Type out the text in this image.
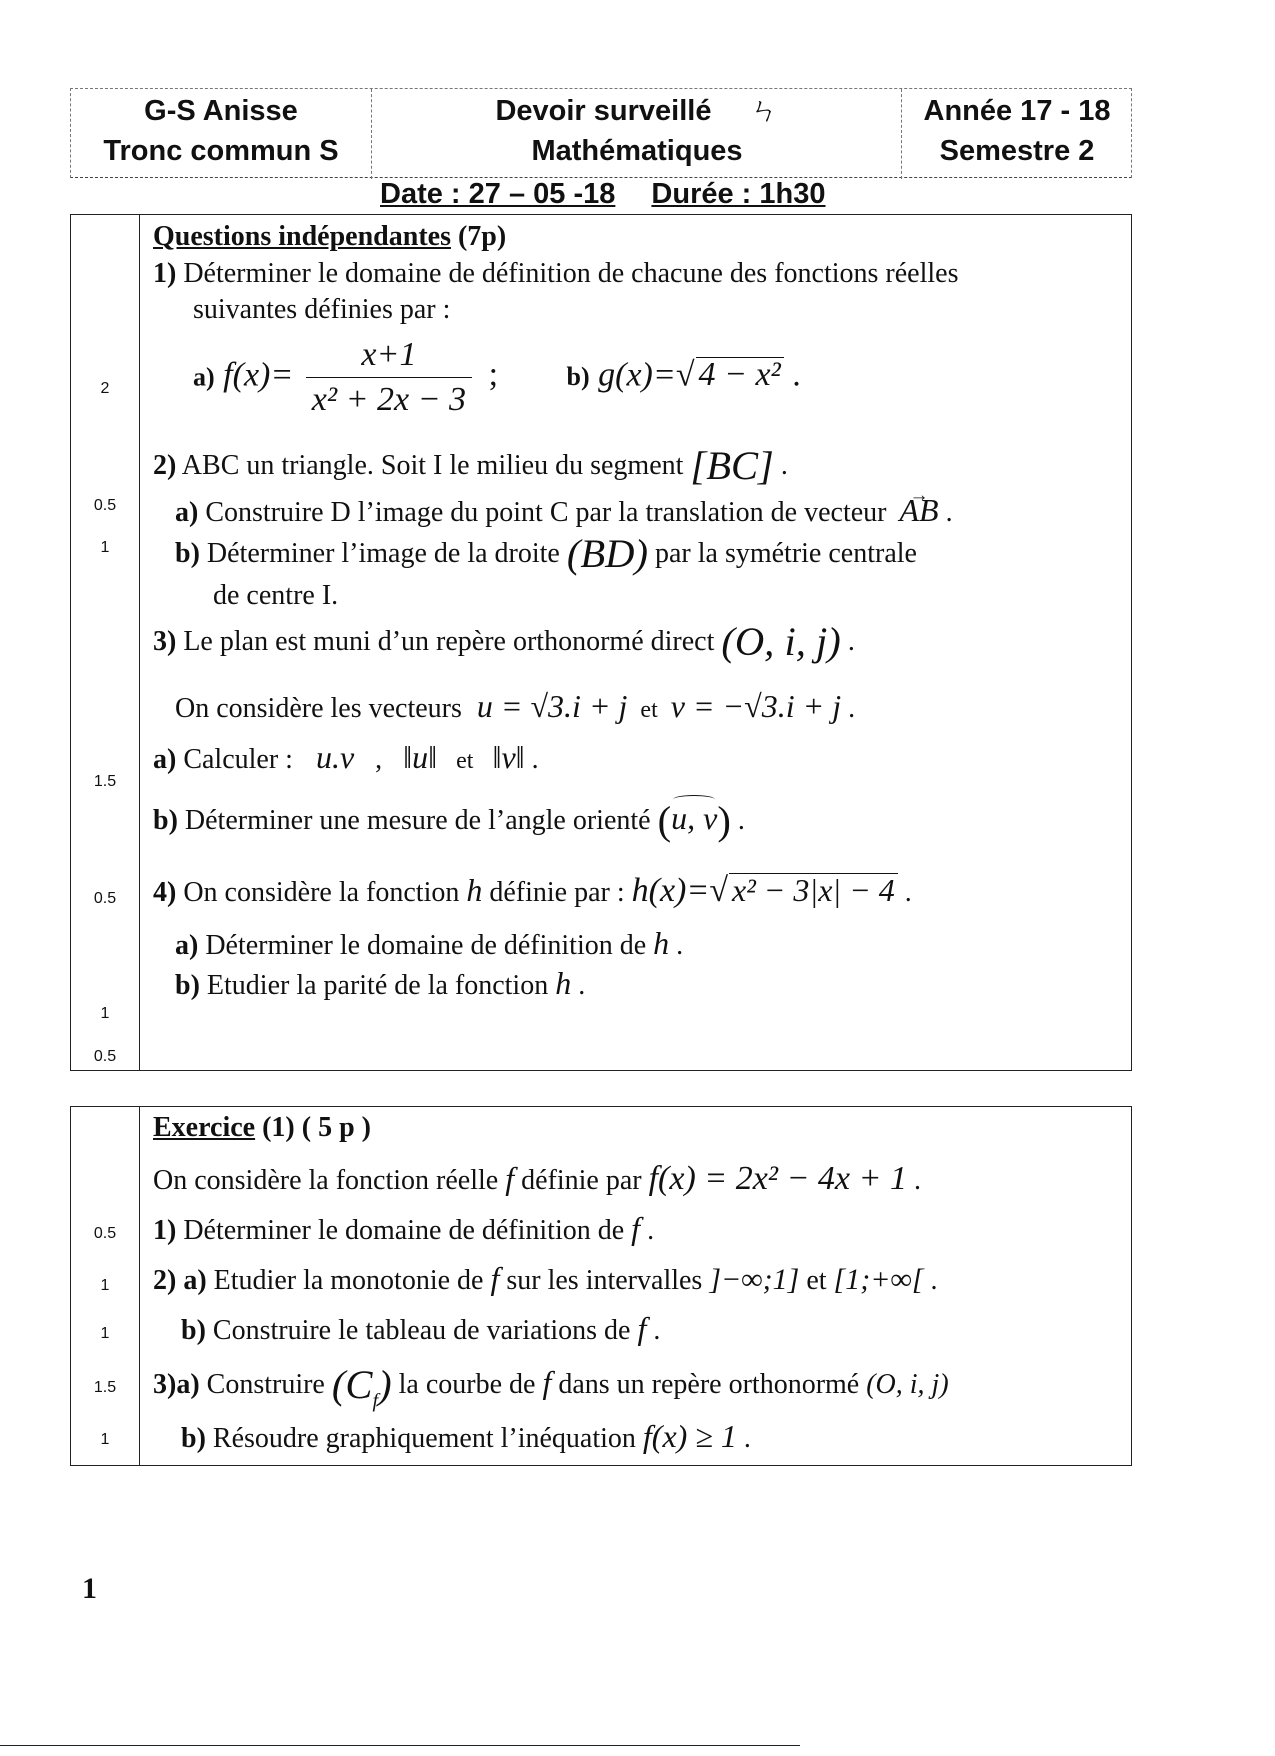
G-S Anisse
Tronc commun S
Devoir surveillé ㄣ
Mathématiques
Année 17 - 18
Semestre 2
Date : 27 – 05 -18 Durée : 1h30
2
0.5
1
1.5
0.5
1
0.5
Questions indépendantes (7p)
1) Déterminer le domaine de définition de chacune des fonctions réelles
suivantes définies par :
a) $f(x)= \frac{x+1}{\text{x² + 2x − 3}}$ ;	b) g(x)=√ 4 − x² .
2) ABC un triangle. Soit I le milieu du segment [BC] .
a) Construire D l’image du point C par la translation de vecteur → AB .
b) Déterminer l’image de la droite (BD) par la symétrie centrale
de centre I.
3) Le plan est muni d’un repère orthonormé direct (O, i, j) .
On considère les vecteurs u = √3.i + j et v = −√3.i + j .
a) Calculer : u.v , ‖u‖ et ‖v‖ .
b) Déterminer une mesure de l’angle orienté (u, v) .
4) On considère la fonction h définie par : h(x)=√ x² − 3|x| − 4 .
a) Déterminer le domaine de définition de h .
b) Etudier la parité de la fonction h .
0.5
1
1
1.5
1
Exercice (1) ( 5 p )
On considère la fonction réelle f définie par f(x) = 2x² − 4x + 1 .
1) Déterminer le domaine de définition de f .
2) a) Etudier la monotonie de f sur les intervalles ]−∞;1] et [1;+∞[ .
b) Construire le tableau de variations de f .
3)a) Construire $(C_f)$ la courbe de f dans un repère orthonormé (O, i, j)
b) Résoudre graphiquement l’inéquation f(x) ≥ 1 .
1
